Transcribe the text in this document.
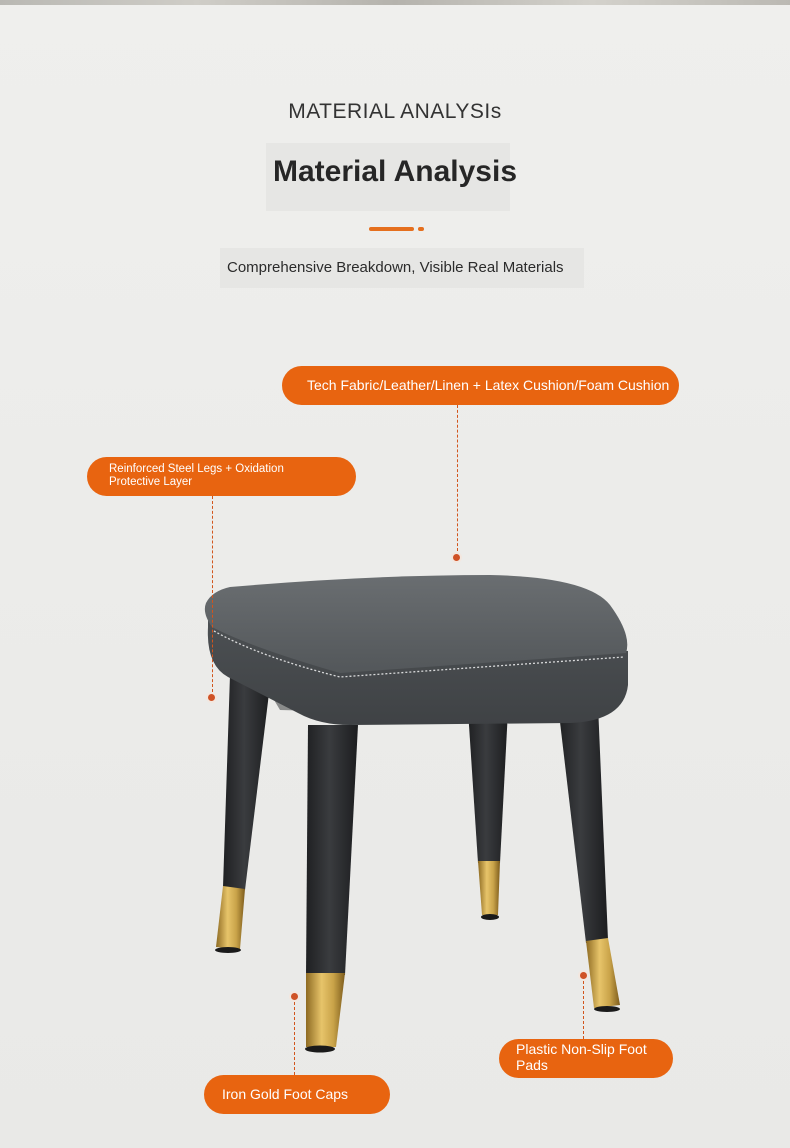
MATERIAL ANALYSIs
Material Analysis
Comprehensive Breakdown, Visible Real Materials
Tech Fabric/Leather/Linen + Latex Cushion/Foam Cushion
Reinforced Steel Legs + Oxidation
Protective Layer
Plastic Non-Slip Foot
Pads
Iron Gold Foot Caps
